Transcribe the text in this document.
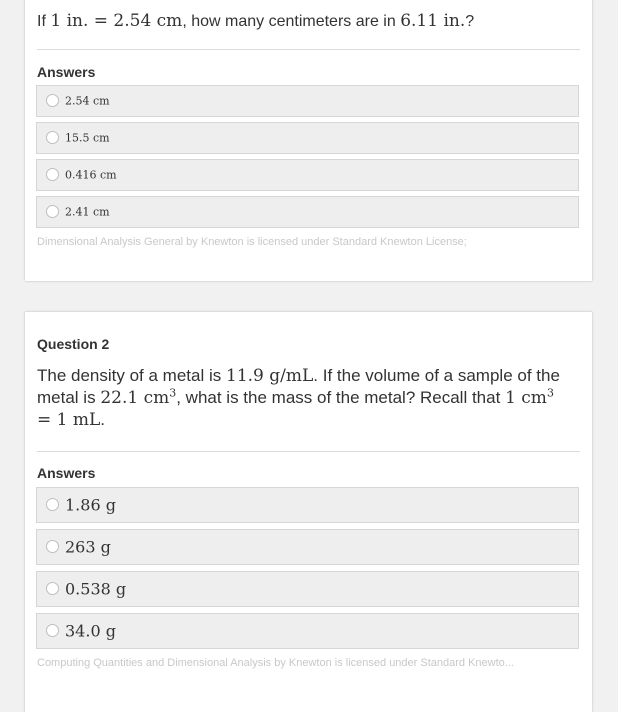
If 1 in. = 2.54 cm, how many centimeters are in 6.11 in.?
Answers
2.54 cm
15.5 cm
0.416 cm
2.41 cm
Dimensional Analysis General by Knewton is licensed under Standard Knewton License;
Question 2
The density of a metal is 11.9 g/mL. If the volume of a sample of the metal is 22.1 $cm^3$, what is the mass of the metal? Recall that 1 $cm^3 = 1$ mL.
Answers
1.86 g
263 g
0.538 g
34.0 g
Computing Quantities and Dimensional Analysis by Knewton is licensed under Standard Knewto...
